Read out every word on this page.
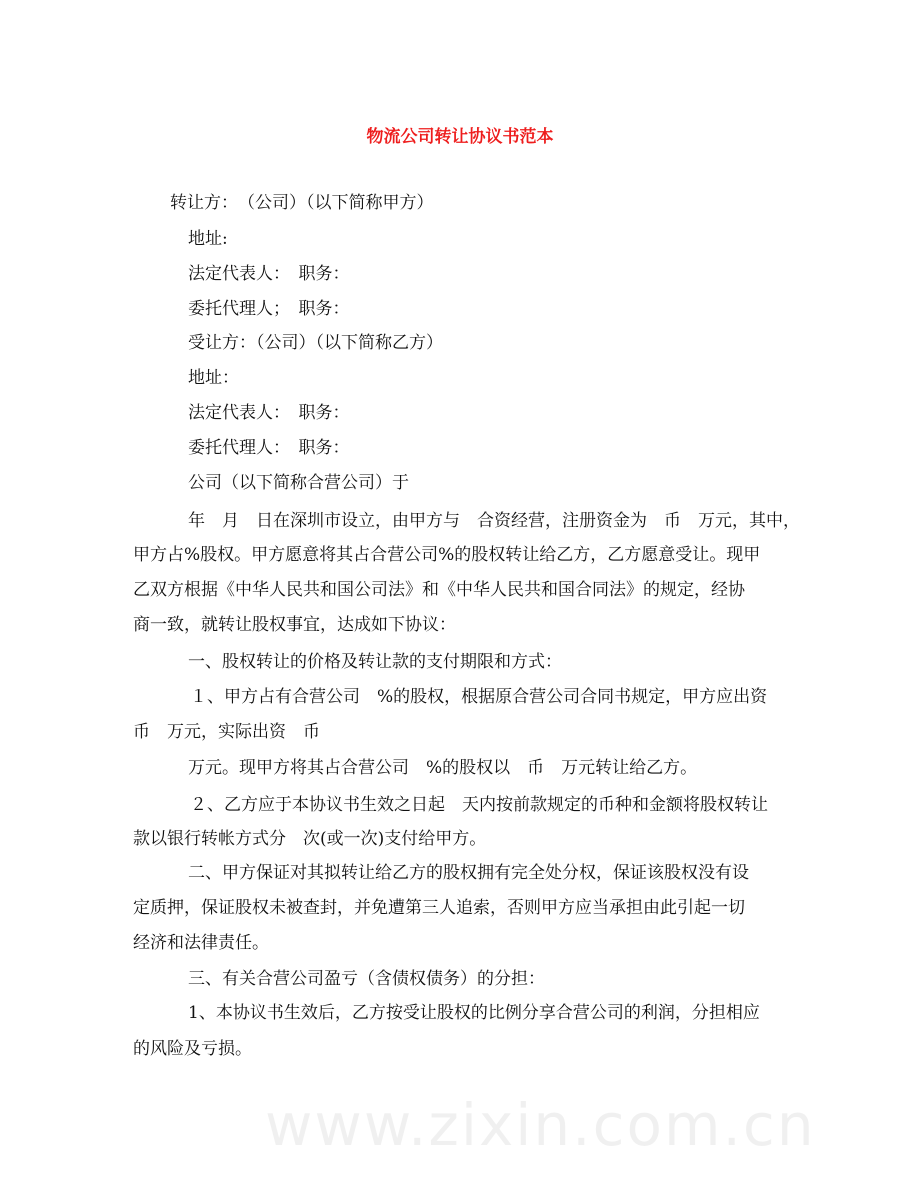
www.zixin.com.cn
物流公司转让协议书范本
转让方：　（公司）（以下简称甲方）
地址:
法定代表人：　职务：
委托代理人；　职务：
受让方：（公司）（以下简称乙方）
地址：
法定代表人：　职务：
委托代理人：　职务：
公司（以下简称合营公司）于
年　月　日在深圳市设立，由甲方与　合资经营，注册资金为　币　万元，其中，
甲方占%股权。甲方愿意将其占合营公司%的股权转让给乙方，乙方愿意受让。现甲
乙双方根据《中华人民共和国公司法》和《中华人民共和国合同法》的规定，经协
商一致，就转让股权事宜，达成如下协议：
一、股权转让的价格及转让款的支付期限和方式：
１、甲方占有合营公司　%的股权，根据原合营公司合同书规定，甲方应出资
币　万元，实际出资　币
万元。现甲方将其占合营公司　%的股权以　币　万元转让给乙方。
２、乙方应于本协议书生效之日起　天内按前款规定的币种和金额将股权转让
款以银行转帐方式分　次(或一次)支付给甲方。
二、甲方保证对其拟转让给乙方的股权拥有完全处分权，保证该股权没有设
定质押，保证股权未被查封，并免遭第三人追索，否则甲方应当承担由此引起一切
经济和法律责任。
三、有关合营公司盈亏（含债权债务）的分担：
1、本协议书生效后，乙方按受让股权的比例分享合营公司的利润，分担相应
的风险及亏损。
